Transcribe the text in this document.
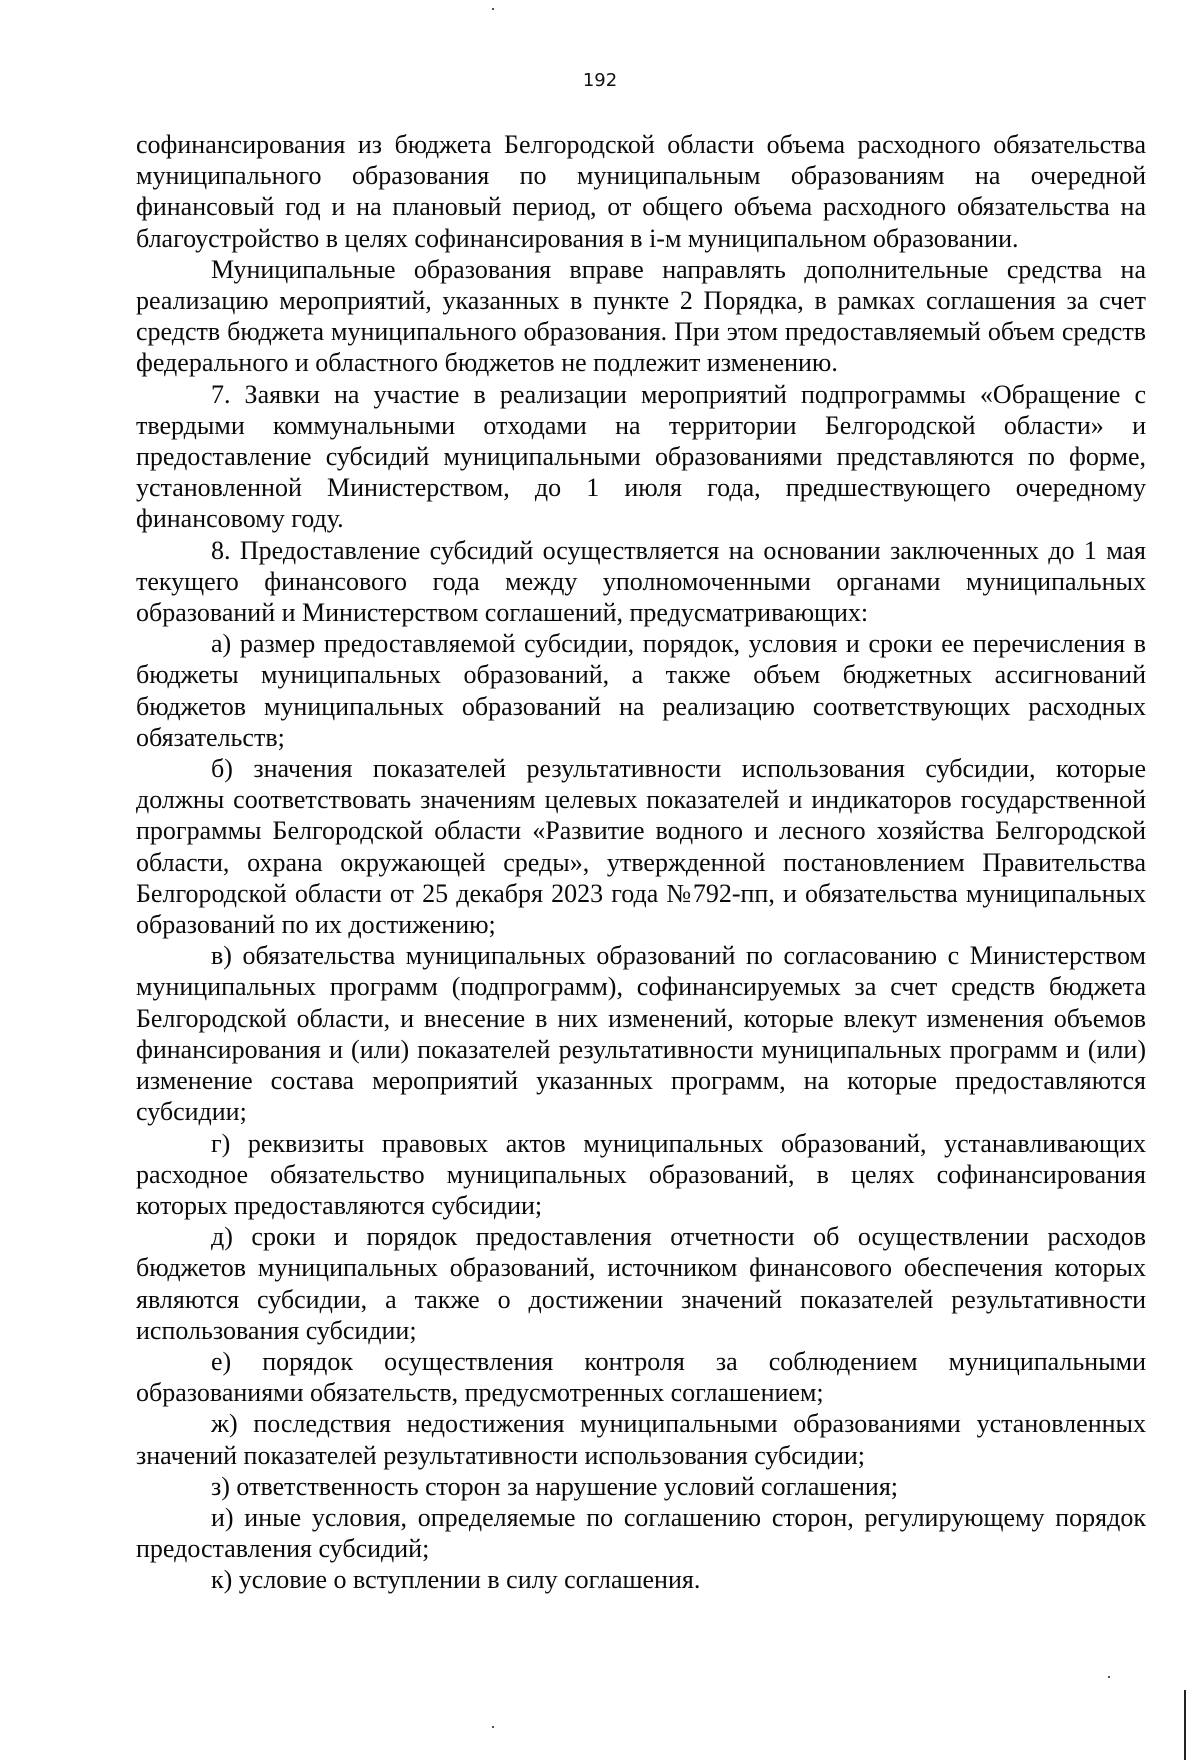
192

софинансирования из бюджета Белгородской области объема расходного обязательства муниципального образования по муниципальным образованиям на очередной финансовый год и на плановый период, от общего объема расходного обязательства на благоустройство в целях софинансирования в i-м муниципальном образовании.

Муниципальные образования вправе направлять дополнительные средства на реализацию мероприятий, указанных в пункте 2 Порядка, в рамках соглашения за счет средств бюджета муниципального образования. При этом предоставляемый объем средств федерального и областного бюджетов не подлежит изменению.

7. Заявки на участие в реализации мероприятий подпрограммы «Обращение с твердыми коммунальными отходами на территории Белгородской области» и предоставление субсидий муниципальными образованиями представляются по форме, установленной Министерством, до 1 июля года, предшествующего очередному финансовому году.

8. Предоставление субсидий осуществляется на основании заключенных до 1 мая текущего финансового года между уполномоченными органами муниципальных образований и Министерством соглашений, предусматривающих:

а) размер предоставляемой субсидии, порядок, условия и сроки ее перечисления в бюджеты муниципальных образований, а также объем бюджетных ассигнований бюджетов муниципальных образований на реализацию соответствующих расходных обязательств;

б) значения показателей результативности использования субсидии, которые должны соответствовать значениям целевых показателей и индикаторов государственной программы Белгородской области «Развитие водного и лесного хозяйства Белгородской области, охрана окружающей среды», утвержденной постановлением Правительства Белгородской области от 25 декабря 2023 года №792-пп, и обязательства муниципальных образований по их достижению;

в) обязательства муниципальных образований по согласованию с Министерством муниципальных программ (подпрограмм), софинансируемых за счет средств бюджета Белгородской области, и внесение в них изменений, которые влекут изменения объемов финансирования и (или) показателей результативности муниципальных программ и (или) изменение состава мероприятий указанных программ, на которые предоставляются субсидии;

г) реквизиты правовых актов муниципальных образований, устанавливающих расходное обязательство муниципальных образований, в целях софинансирования которых предоставляются субсидии;

д) сроки и порядок предоставления отчетности об осуществлении расходов бюджетов муниципальных образований, источником финансового обеспечения которых являются субсидии, а также о достижении значений показателей результативности использования субсидии;

е) порядок осуществления контроля за соблюдением муниципальными образованиями обязательств, предусмотренных соглашением;

ж) последствия недостижения муниципальными образованиями установленных значений показателей результативности использования субсидии;

з) ответственность сторон за нарушение условий соглашения;

и) иные условия, определяемые по соглашению сторон, регулирующему порядок предоставления субсидий;

к) условие о вступлении в силу соглашения.
